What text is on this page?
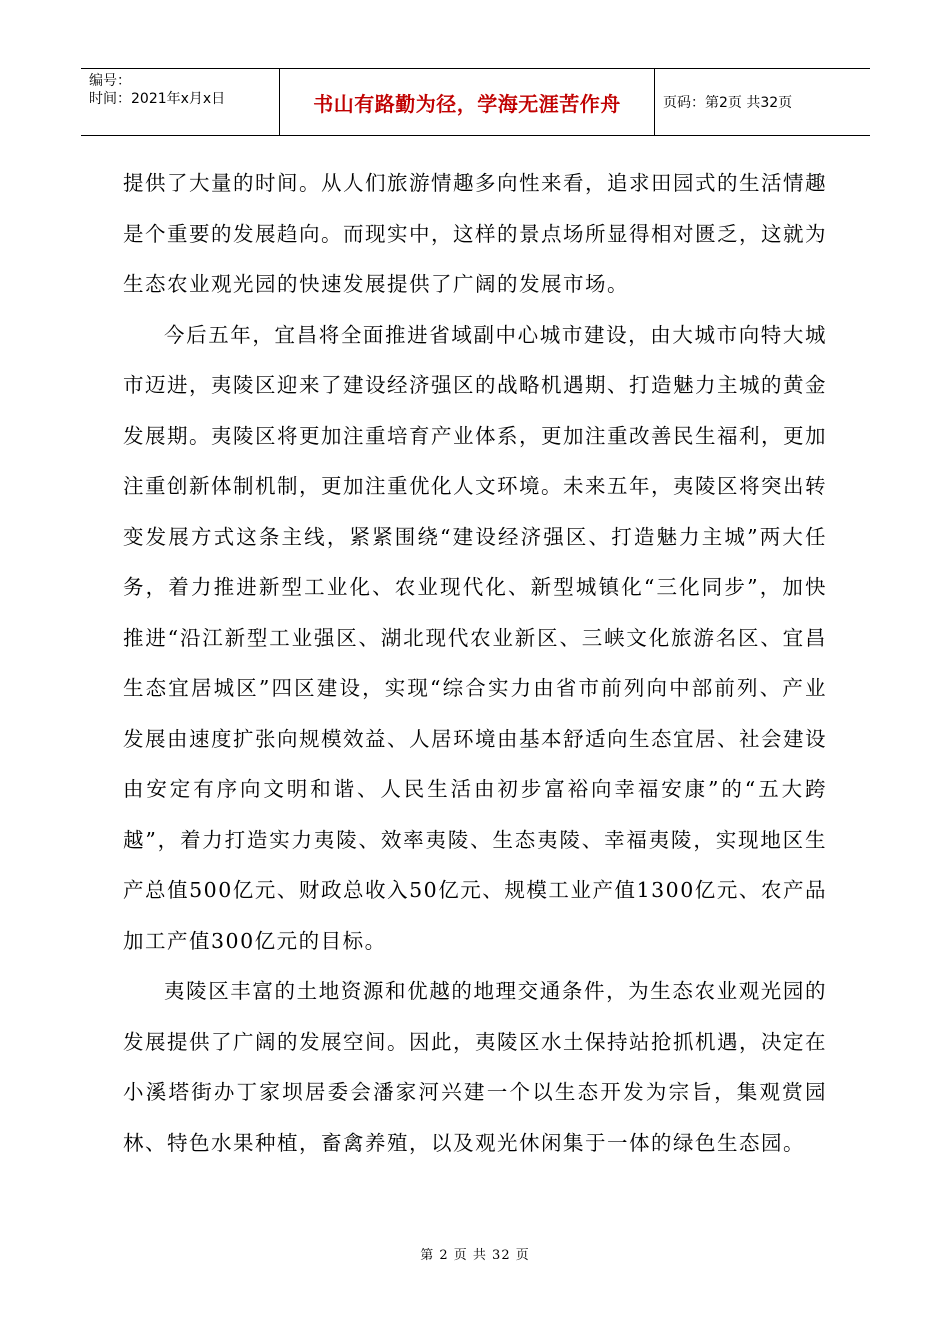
编号：
时间：2021年x月x日	书山有路勤为径，学海无涯苦作舟	页码：第2页 共32页

提供了大量的时间。从人们旅游情趣多向性来看，追求田园式的生活情趣是个重要的发展趋向。而现实中，这样的景点场所显得相对匮乏，这就为生态农业观光园的快速发展提供了广阔的发展市场。

今后五年，宜昌将全面推进省域副中心城市建设，由大城市向特大城市迈进，夷陵区迎来了建设经济强区的战略机遇期、打造魅力主城的黄金发展期。夷陵区将更加注重培育产业体系，更加注重改善民生福利，更加注重创新体制机制，更加注重优化人文环境。未来五年，夷陵区将突出转变发展方式这条主线，紧紧围绕“建设经济强区、打造魅力主城”两大任务，着力推进新型工业化、农业现代化、新型城镇化“三化同步”，加快推进“沿江新型工业强区、湖北现代农业新区、三峡文化旅游名区、宜昌生态宜居城区”四区建设，实现“综合实力由省市前列向中部前列、产业发展由速度扩张向规模效益、人居环境由基本舒适向生态宜居、社会建设由安定有序向文明和谐、人民生活由初步富裕向幸福安康”的“五大跨越”，着力打造实力夷陵、效率夷陵、生态夷陵、幸福夷陵，实现地区生产总值500亿元、财政总收入50亿元、规模工业产值1300亿元、农产品加工产值300亿元的目标。

夷陵区丰富的土地资源和优越的地理交通条件，为生态农业观光园的发展提供了广阔的发展空间。因此，夷陵区水土保持站抢抓机遇，决定在小溪塔街办丁家坝居委会潘家河兴建一个以生态开发为宗旨，集观赏园林、特色水果种植，畜禽养殖，以及观光休闲集于一体的绿色生态园。

第 2 页 共 32 页
